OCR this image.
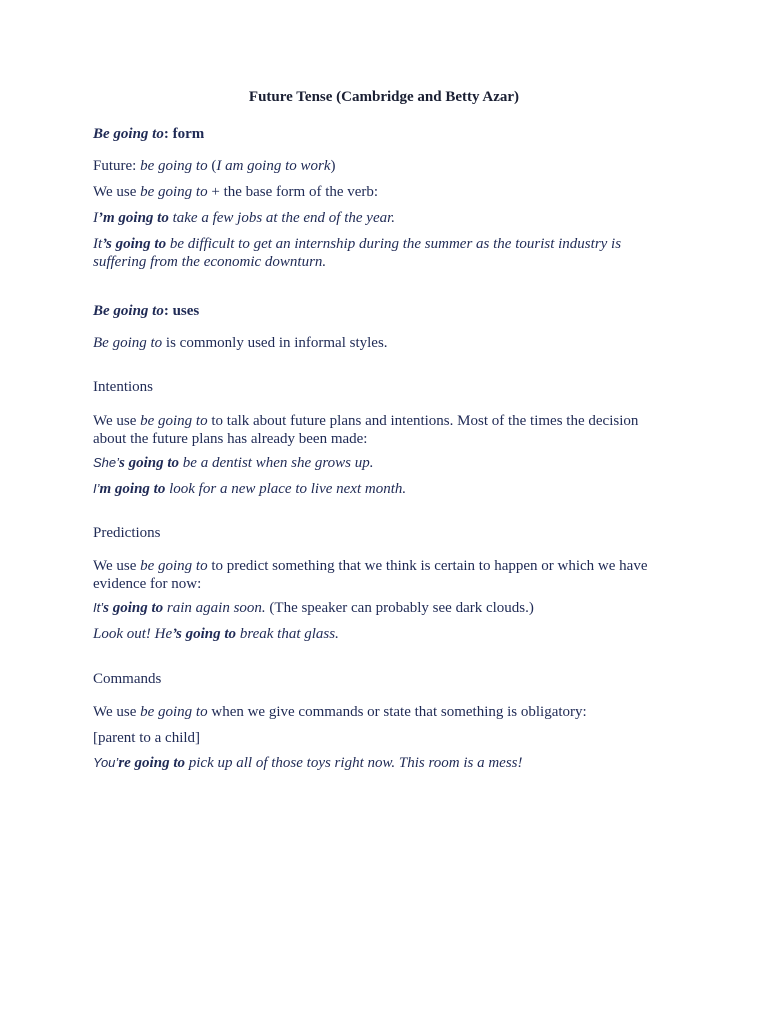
Future Tense (Cambridge and Betty Azar)

Be going to: form

Future: be going to (I am going to work)

We use be going to + the base form of the verb:

I’m going to take a few jobs at the end of the year.

It’s going to be difficult to get an internship during the summer as the tourist industry is suffering from the economic downturn.

Be going to: uses

Be going to is commonly used in informal styles.

Intentions

We use be going to to talk about future plans and intentions. Most of the times the decision about the future plans has already been made:

She’s going to be a dentist when she grows up.

I’m going to look for a new place to live next month.

Predictions

We use be going to to predict something that we think is certain to happen or which we have evidence for now:

It’s going to rain again soon. (The speaker can probably see dark clouds.)

Look out! He’s going to break that glass.

Commands

We use be going to when we give commands or state that something is obligatory:

[parent to a child]

You’re going to pick up all of those toys right now. This room is a mess!
